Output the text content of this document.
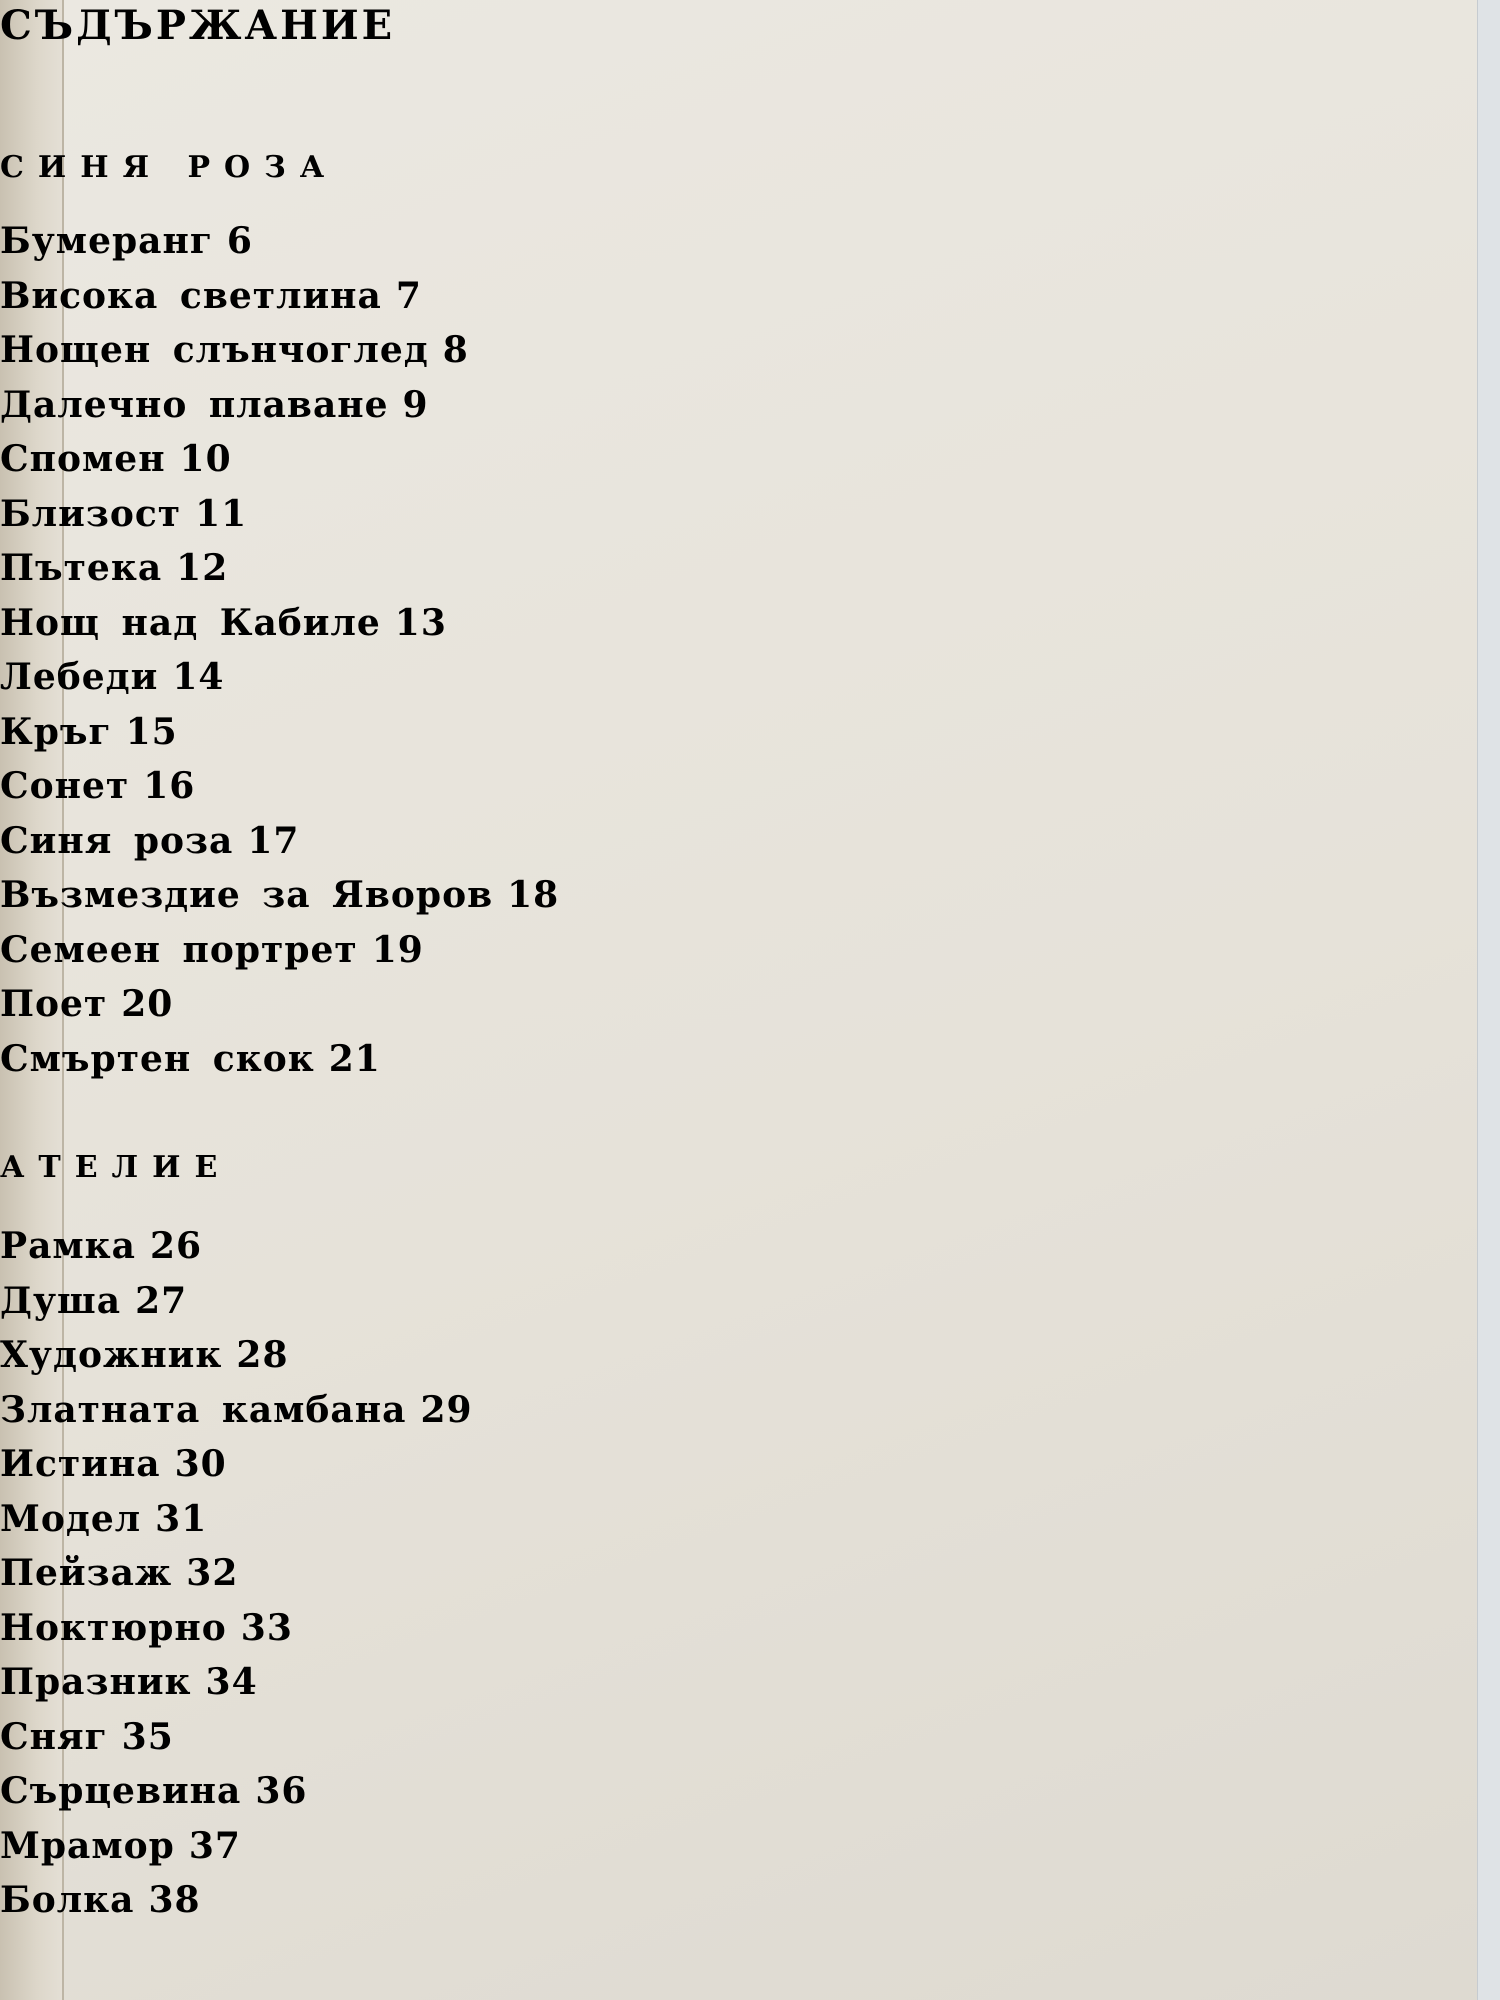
СЪДЪРЖАНИЕ
СИНЯ РОЗА
Бумеранг 6
Висока светлина 7
Нощен слънчоглед 8
Далечно плаване 9
Спомен 10
Близост 11
Пътека 12
Нощ над Кабиле 13
Лебеди 14
Кръг 15
Сонет 16
Синя роза 17
Възмездие за Яворов 18
Семеен портрет 19
Поет 20
Смъртен скок 21
АТЕЛИЕ
Рамка 26
Душа 27
Художник 28
Златната камбана 29
Истина 30
Модел 31
Пейзаж 32
Ноктюрно 33
Празник 34
Сняг 35
Сърцевина 36
Мрамор 37
Болка 38
